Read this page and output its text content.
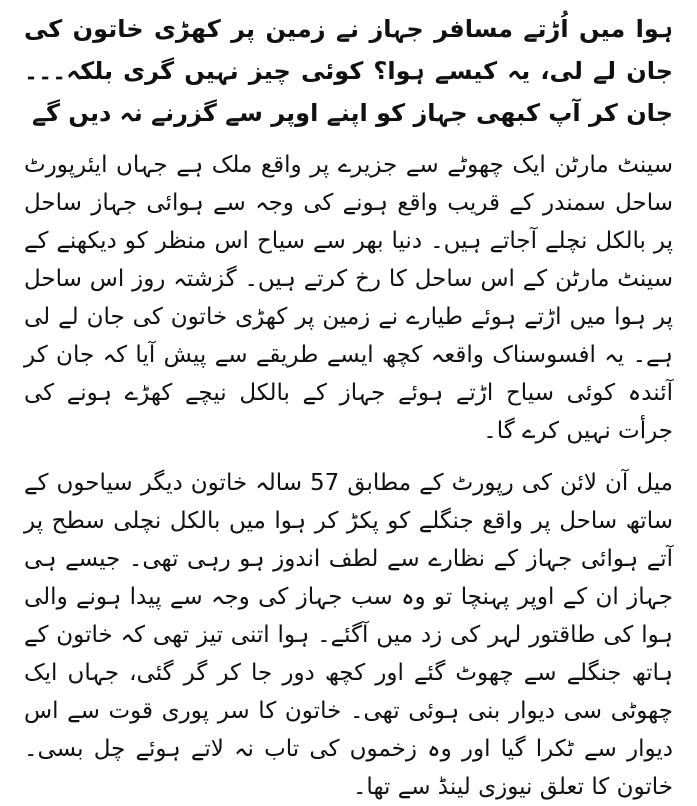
ہوا میں اُڑتے مسافر جہاز نے زمین پر کھڑی خاتون کی جان لے لی، یہ کیسے ہوا؟ کوئی چیز نہیں گری بلکہ۔۔۔ جان کر آپ کبھی جہاز کو اپنے اوپر سے گزرنے نہ دیں گے

سینٹ مارٹن ایک چھوٹے سے جزیرے پر واقع ملک ہے جہاں ایئرپورٹ ساحل سمندر کے قریب واقع ہونے کی وجہ سے ہوائی جہاز ساحل پر بالکل نچلے آجاتے ہیں۔ دنیا بھر سے سیاح اس منظر کو دیکھنے کے سینٹ مارٹن کے اس ساحل کا رخ کرتے ہیں۔ گزشتہ روز اس ساحل پر ہوا میں اڑتے ہوئے طیارے نے زمین پر کھڑی خاتون کی جان لے لی ہے۔ یہ افسوسناک واقعہ کچھ ایسے طریقے سے پیش آیا کہ جان کر آئندہ کوئی سیاح اڑتے ہوئے جہاز کے بالکل نیچے کھڑے ہونے کی جرأت نہیں کرے گا۔

میل آن لائن کی رپورٹ کے مطابق 57 سالہ خاتون دیگر سیاحوں کے ساتھ ساحل پر واقع جنگلے کو پکڑ کر ہوا میں بالکل نچلی سطح پر آتے ہوائی جہاز کے نظارے سے لطف اندوز ہو رہی تھی۔ جیسے ہی جہاز ان کے اوپر پہنچا تو وہ سب جہاز کی وجہ سے پیدا ہونے والی ہوا کی طاقتور لہر کی زد میں آگئے۔ ہوا اتنی تیز تھی کہ خاتون کے ہاتھ جنگلے سے چھوٹ گئے اور کچھ دور جا کر گر گئی، جہاں ایک چھوٹی سی دیوار بنی ہوئی تھی۔ خاتون کا سر پوری قوت سے اس دیوار سے ٹکرا گیا اور وہ زخموں کی تاب نہ لاتے ہوئے چل بسی۔ خاتون کا تعلق نیوزی لینڈ سے تھا۔
